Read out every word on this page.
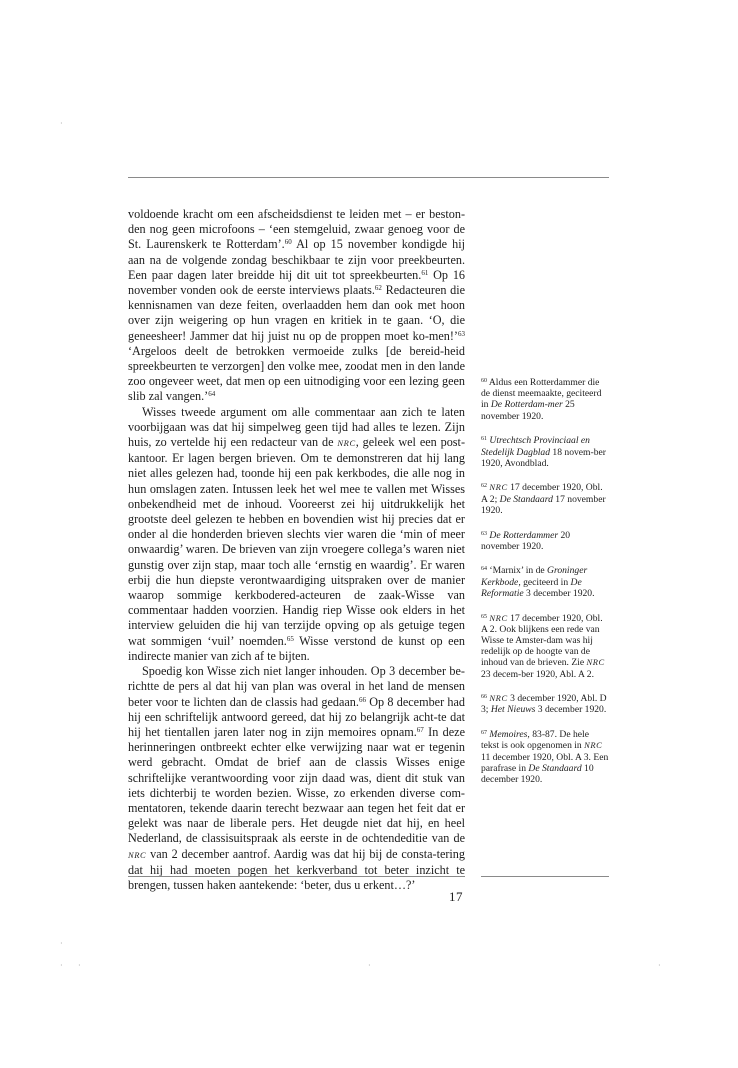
voldoende kracht om een afscheidsdienst te leiden met – er beston-den nog geen microfoons – ‘een stemgeluid, zwaar genoeg voor de St. Laurenskerk te Rotterdam’.$^{60}$ Al op 15 november kondigde hij aan na de volgende zondag beschikbaar te zijn voor preekbeurten. Een paar dagen later breidde hij dit uit tot spreekbeurten.$^{61}$ Op 16 november vonden ook de eerste interviews plaats.$^{62}$ Redacteuren die kennisnamen van deze feiten, overlaadden hem dan ook met hoon over zijn weigering op hun vragen en kritiek in te gaan. ‘O, die geneesheer! Jammer dat hij juist nu op de proppen moet ko-men!’$^{63}$ ‘Argeloos deelt de betrokken vermoeide zulks [de bereid-heid spreekbeurten te verzorgen] den volke mee, zoodat men in den lande zoo ongeveer weet, dat men op een uitnodiging voor een lezing geen slib zal vangen.’$^{64}$

Wisses tweede argument om alle commentaar aan zich te laten voorbijgaan was dat hij simpelweg geen tijd had alles te lezen. Zijn huis, zo vertelde hij een redacteur van de NRC, geleek wel een post-kantoor. Er lagen bergen brieven. Om te demonstreren dat hij lang niet alles gelezen had, toonde hij een pak kerkbodes, die alle nog in hun omslagen zaten. Intussen leek het wel mee te vallen met Wisses onbekendheid met de inhoud. Vooreerst zei hij uitdrukkelijk het grootste deel gelezen te hebben en bovendien wist hij precies dat er onder al die honderden brieven slechts vier waren die ‘min of meer onwaardig’ waren. De brieven van zijn vroegere collega’s waren niet gunstig over zijn stap, maar toch alle ‘ernstig en waardig’. Er waren erbij die hun diepste verontwaardiging uitspraken over de manier waarop sommige kerkbodered-acteuren de zaak-Wisse van commentaar hadden voorzien. Handig riep Wisse ook elders in het interview geluiden die hij van terzijde opving op als getuige tegen wat sommigen ‘vuil’ noemden.$^{65}$ Wisse verstond de kunst op een indirecte manier van zich af te bijten.

Spoedig kon Wisse zich niet langer inhouden. Op 3 december be-richtte de pers al dat hij van plan was overal in het land de mensen beter voor te lichten dan de classis had gedaan.$^{66}$ Op 8 december had hij een schriftelijk antwoord gereed, dat hij zo belangrijk acht-te dat hij het tientallen jaren later nog in zijn memoires opnam.$^{67}$ In deze herinneringen ontbreekt echter elke verwijzing naar wat er tegenin werd gebracht. Omdat de brief aan de classis Wisses enige schriftelijke verantwoording voor zijn daad was, dient dit stuk van iets dichterbij te worden bezien. Wisse, zo erkenden diverse com-mentatoren, tekende daarin terecht bezwaar aan tegen het feit dat er gelekt was naar de liberale pers. Het deugde niet dat hij, en heel Nederland, de classisuitspraak als eerste in de ochtendeditie van de NRC van 2 december aantrof. Aardig was dat hij bij de consta-tering dat hij had moeten pogen het kerkverband tot beter inzicht te brengen, tussen haken aantekende: ‘beter, dus u erkent…?’

$^{60}$ Aldus een Rotterdammer die de dienst meemaakte, geciteerd in De Rotterdam-mer 25 november 1920.

$^{61}$ Utrechtsch Provinciaal en Stedelijk Dagblad 18 novem-ber 1920, Avondblad.

$^{62}$ NRC 17 december 1920, Obl. A 2; De Standaard 17 november 1920.

$^{63}$ De Rotterdammer 20 november 1920.

$^{64}$ ‘Marnix’ in de Groninger Kerkbode, geciteerd in De Reformatie 3 december 1920.

$^{65}$ NRC 17 december 1920, Obl. A 2. Ook blijkens een rede van Wisse te Amster-dam was hij redelijk op de hoogte van de inhoud van de brieven. Zie NRC 23 decem-ber 1920, Abl. A 2.

$^{66}$ NRC 3 december 1920, Abl. D 3; Het Nieuws 3 december 1920.

$^{67}$ Memoires, 83-87. De hele tekst is ook opgenomen in NRC 11 december 1920, Obl. A 3. Een parafrase in De Standaard 10 december 1920.

17
·
·
· ·	·	·
